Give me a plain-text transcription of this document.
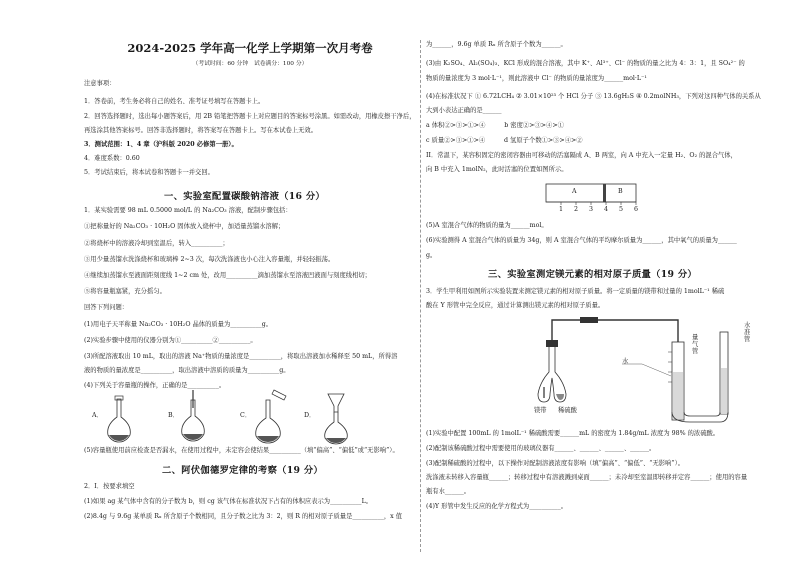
2024-2025 学年高一化学上学期第一次月考卷
（考试时间：60 分钟　试卷满分：100 分）
注意事项：
1．答卷前，考生务必将自己的姓名、准考证号填写在答题卡上。
2．回答选择题时，选出每小题答案后，用 2B 铅笔把答题卡上对应题目的答案标号涂黑。如需改动，用橡皮擦干净后，
再选涂其他答案标号。回答非选择题时，将答案写在答题卡上。写在本试卷上无效。
3．测试范围：1、4 章（沪科版 2020 必修第一册）。
4．难度系数：0.60
5．考试结束后，将本试卷和答题卡一并交回。
一、实验室配置碳酸钠溶液（16 分）
1．某实验需要 98 mL 0.5000 mol/L 的 Na₂CO₃ 溶液，配制步骤包括：
①把称量好的 Na₂CO₃ · 10H₂O 固体放入烧杯中，加适量蒸馏水溶解；
②将烧杯中的溶液冷却到室温后，转入__________；
③用少量蒸馏水洗涤烧杯和玻璃棒 2~3 次，每次洗涤液也小心注入容量瓶，并轻轻振荡。
④继续加蒸馏水至液面距刻度线 1~2 cm 处，改用__________滴加蒸馏水至溶液凹液面与刻度线相切；
⑤将容量瓶塞紧，充分摇匀。
回答下列问题：
(1)用电子天平称量 Na₂CO₃ · 10H₂O 晶体的质量为__________g。
(2)实验步骤中使用的仪器分别为①__________②__________。
(3)所配溶液取出 10 mL，取出的溶液 Na⁺物质的量浓度是__________，将取出溶液加水稀释至 50 mL，所得溶
液的物质的量浓度是__________，取出溶液中溶质的质量为__________g。
(4)下列关于容量瓶的操作，正确的是__________。
A．	B．	C．	D．
(5)容量瓶使用前应检查是否漏水，在使用过程中，未定容会使结果__________（填“偏高”、“偏低”或“无影响”）。
二、阿伏伽德罗定律的考察（19 分）
2．I．按要求填空
(1)如果 ag 某气体中含有的分子数为 b，则 cg 该气体在标准状况下占有的体积应表示为__________L。
(2)8.4g 与 9.6g 某单质 Rₓ 所含原子个数相同，且分子数之比为 3：2，则 R 的相对原子质量是__________，x 值
为______，9.6g 单质 Rₓ 所含原子个数为______。
(3)由 K₂SO₄、Al₂(SO₄)₃、KCl 形成的混合溶液，其中 K⁺、Al³⁺、Cl⁻ 的物质的量之比为 4：3：1，且 SO₄²⁻ 的
物质的量浓度为 3 mol·L⁻¹，则此溶液中 Cl⁻ 的物质的量浓度为______mol·L⁻¹
(4)在标准状况下 ① 6.72LCH₄ ② 3.01×10²³ 个 HCl 分子 ③ 13.6gH₂S ④ 0.2molNH₃，下列对这四种气体的关系从
大到小表达正确的是______
a 体积②>③>①>④　　　b 密度②>③>④>①
c 质量②>③>①>④　　　d 氢原子个数①>③>④>②
II．常温下，某容积固定的密闭容器由可移动的活塞隔成 A、B 两室，向 A 中充入一定量 H₂、O₂ 的混合气体，
向 B 中充入 1molN₂，此时活塞的位置如图所示。
A	B
1 2 3 4 5 6
(5)A 室混合气体的物质的量为______mol。
(6)实验测得 A 室混合气体的质量为 34g，则 A 室混合气体的平均摩尔质量为______，其中氧气的质量为______
g。
三、实验室测定镁元素的相对原子质量（19 分）
3．学生甲利用如图所示实验装置来测定镁元素的相对原子质量。将一定质量的镁带和过量的 1molL⁻¹ 稀硫
酸在 Y 形管中完全反应，通过计算测出镁元素的相对原子质量。
水
量气管
水准管
镁带 稀硫酸
(1)实验中配置 100mL 的 1molL⁻¹ 稀硫酸需要______mL 的密度为 1.84g/mL 浓度为 98% 的浓硫酸。
(2)配制该稀硫酸过程中需要使用的玻璃仪器有______、______、______、______。
(3)配制稀硫酸的过程中，以下操作对配制溶液浓度有影响（填“偏高”、“偏低”、“无影响”）。
洗涤液未转移入容量瓶______；转移过程中有溶液溅到桌面______；未冷却至室温即转移并定容______；使用的容量
瓶有水______。
(4)Y 形管中发生反应的化学方程式为__________。
